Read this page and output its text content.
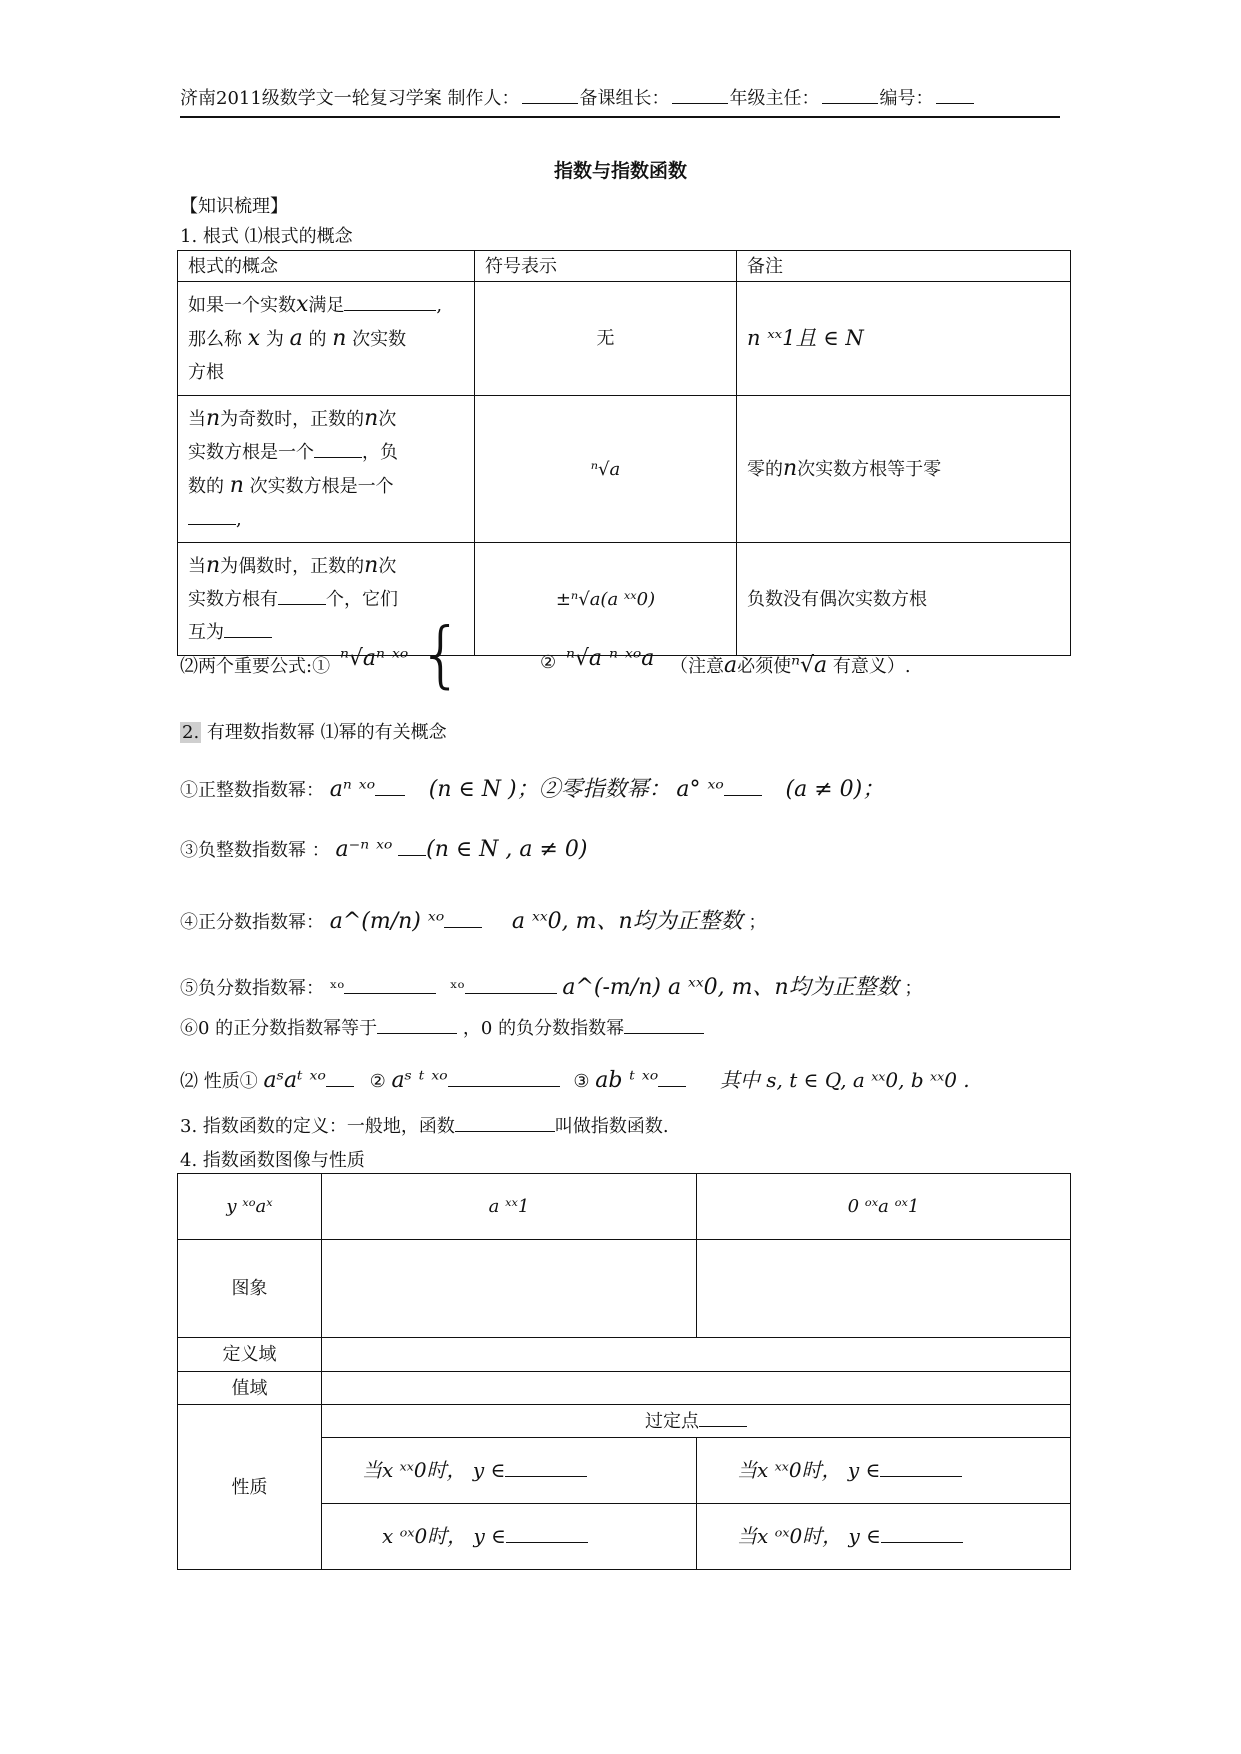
济南2011级数学文一轮复习学案 制作人：	备课组长：	年级主任：	编号：
指数与指数函数
【知识梳理】
1. 根式 ⑴根式的概念
根式的概念	符号表示	备注
如果一个实数x满足 ,
那么称 x 为 a 的 n 次实数
方根	无	n ˣˣ1且 ∈ N
当n为奇数时，正数的n次
实数方根是一个 ，负
数的 n 次实数方根是一个
,	ⁿ√a	零的n次实数方根等于零
当n为偶数时，正数的n次
实数方根有 个，它们
互为	±ⁿ√a(a ˣˣ0)	负数没有偶次实数方根
⑵两个重要公式:① ⁿ√aⁿ ˣᵒ {	② ⁿ√a ⁿ ˣᵒa （注意a必须使ⁿ√a 有意义）.
2. 有理数指数幂 ⑴幂的有关概念
①正整数指数幂： aⁿ ˣᵒ (n ∈ N )；②零指数幂： a° ˣᵒ	(a ≠ 0)；
③负整数指数幂 ： a⁻ⁿ ˣᵒ (n ∈ N , a ≠ 0)
④正分数指数幂： a^(m/n) ˣᵒ	a ˣˣ0, m、n均为正整数 ；
⑤负分数指数幂： ˣᵒ	ˣᵒ	a^(-m/n) a ˣˣ0, m、n均为正整数 ；
⑥0 的正分数指数幂等于	，0 的负分数指数幂
⑵ 性质① aˢaᵗ ˣᵒ ② aˢ ᵗ ˣᵒ	③ ab ᵗ ˣᵒ	其中 s, t ∈ Q, a ˣˣ0, b ˣˣ0 .
3. 指数函数的定义：一般地，函数	叫做指数函数.
4. 指数函数图像与性质
y ˣᵒaˣ	a ˣˣ1	0 ᵒˣa ᵒˣ1
图象		
定义域		
值域		
性质	过定点	
	当x ˣˣ0时， y ∈	当x ˣˣ0时， y ∈
	x ᵒˣ0时， y ∈	当x ᵒˣ0时， y ∈
